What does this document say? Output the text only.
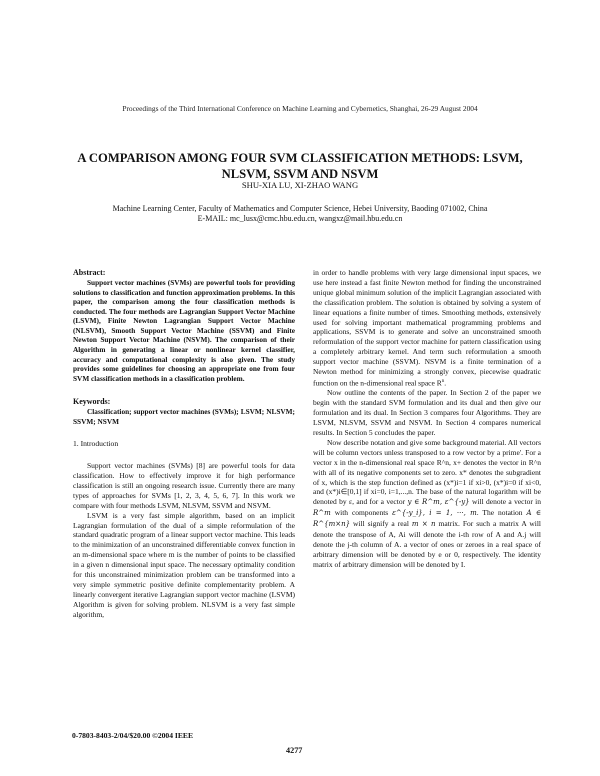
Proceedings of the Third International Conference on Machine Learning and Cybernetics, Shanghai, 26-29 August 2004
A COMPARISON AMONG FOUR SVM CLASSIFICATION METHODS: LSVM,
NLSVM, SSVM AND NSVM
SHU-XIA LU, XI-ZHAO WANG
Machine Learning Center, Faculty of Mathematics and Computer Science, Hebei University, Baoding 071002, China
E-MAIL: mc_lusx@cmc.hbu.edu.cn, wangxz@mail.hbu.edu.cn
Abstract:

Support vector machines (SVMs) are powerful tools for providing solutions to classification and function approximation problems. In this paper, the comparison among the four classification methods is conducted. The four methods are Lagrangian Support Vector Machine (LSVM), Finite Newton Lagrangian Support Vector Machine (NLSVM), Smooth Support Vector Machine (SSVM) and Finite Newton Support Vector Machine (NSVM). The comparison of their Algorithm in generating a linear or nonlinear kernel classifier, accuracy and computational complexity is also given. The study provides some guidelines for choosing an appropriate one from four SVM classification methods in a classification problem.

Keywords:

Classification; support vector machines (SVMs); LSVM; NLSVM; SSVM; NSVM

1. Introduction

Support vector machines (SVMs) [8] are powerful tools for data classification. How to effectively improve it for high performance classification is still an ongoing research issue. Currently there are many types of approaches for SVMs [1, 2, 3, 4, 5, 6, 7]. In this work we compare with four methods LSVM, NLSVM, SSVM and NSVM.

LSVM is a very fast simple algorithm, based on an implicit Lagrangian formulation of the dual of a simple reformulation of the standard quadratic program of a linear support vector machine. This leads to the minimization of an unconstrained differentiable convex function in an m-dimensional space where m is the number of points to be classified in a given n dimensional input space. The necessary optimality condition for this unconstrained minimization problem can be transformed into a very simple symmetric positive definite complementarity problem. A linearly convergent iterative Lagrangian support vector machine (LSVM) Algorithm is given for solving problem. NLSVM is a very fast simple algorithm,

in order to handle problems with very large dimensional input spaces, we use here instead a fast finite Newton method for finding the unconstrained unique global minimum solution of the implicit Lagrangian associated with the classification problem. The solution is obtained by solving a system of linear equations a finite number of times. Smoothing methods, extensively used for solving important mathematical programming problems and applications, SSVM is to generate and solve an unconstrained smooth reformulation of the support vector machine for pattern classification using a completely arbitrary kernel. And term such reformulation a smooth support vector machine (SSVM). NSVM is a finite termination of a Newton method for minimizing a strongly convex, piecewise quadratic function on the n-dimensional real space $R^n$.

Now outline the contents of the paper. In Section 2 of the paper we begin with the standard SVM formulation and its dual and then give our formulation and its dual. In Section 3 compares four Algorithms. They are LSVM, NLSVM, SSVM and NSVM. In Section 4 compares numerical results. In Section 5 concludes the paper.

Now describe notation and give some background material. All vectors will be column vectors unless transposed to a row vector by a prime'. For a vector x in the n-dimensional real space R^n, x+ denotes the vector in R^n with all of its negative components set to zero. x* denotes the subgradient of x, which is the step function defined as (x*)i=1 if xi>0, (x*)i=0 if xi<0, and (x*)i∈[0,1] if xi=0, i=1,...,n. The base of the natural logarithm will be denoted by ε, and for a vector y ∈ R^m, ε^{-y} will denote a vector in R^m with components ε^{-y_i}, i = 1, ···, m. The notation A ∈ R^{m×n} will signify a real m × n matrix. For such a matrix A will denote the transpose of A, Ai will denote the i-th row of A and A.j will denote the j-th column of A. a vector of ones or zeroes in a real space of arbitrary dimension will be denoted by e or 0, respectively. The identity matrix of arbitrary dimension will be denoted by I.

0-7803-8403-2/04/$20.00 ©2004 IEEE
4277
